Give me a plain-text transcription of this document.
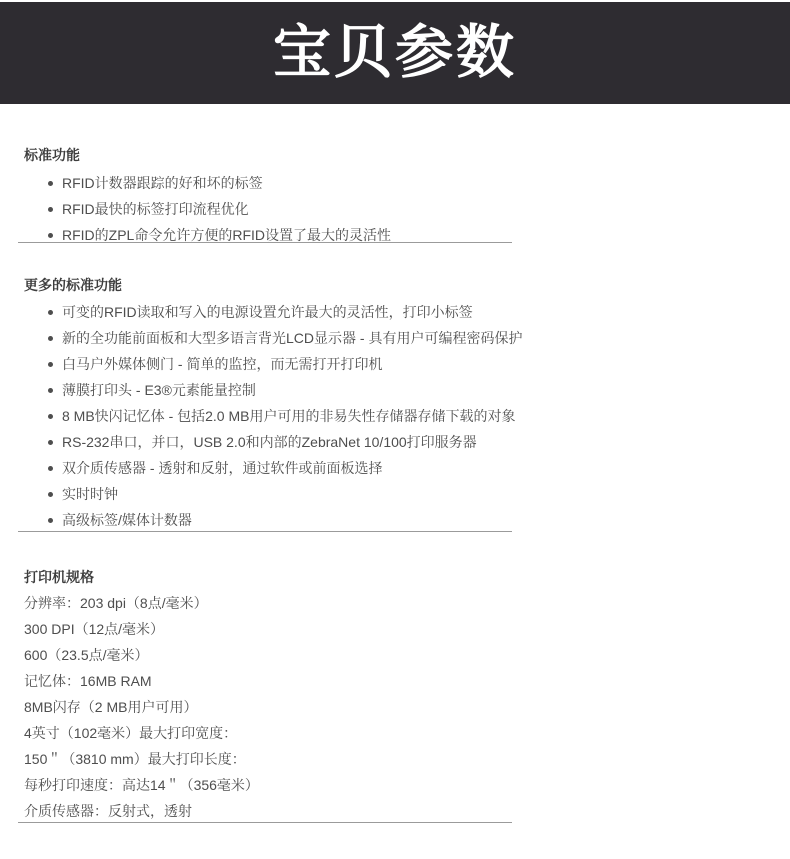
宝贝参数
标准功能
RFID计数器跟踪的好和坏的标签
RFID最快的标签打印流程优化
RFID的ZPL命令允许方便的RFID设置了最大的灵活性
更多的标准功能
可变的RFID读取和写入的电源设置允许最大的灵活性，打印小标签
新的全功能前面板和大型多语言背光LCD显示器 - 具有用户可编程密码保护
白马户外媒体侧门 - 简单的监控，而无需打开打印机
薄膜打印头 - E3®元素能量控制
8 MB快闪记忆体 - 包括2.0 MB用户可用的非易失性存储器存储下载的对象
RS-232串口，并口，USB 2.0和内部的ZebraNet 10/100打印服务器
双介质传感器 - 透射和反射，通过软件或前面板选择
实时时钟
高级标签/媒体计数器
打印机规格

分辨率：203 dpi（8点/毫米）

300 DPI（12点/毫米）

600（23.5点/毫米）

记忆体：16MB RAM

8MB闪存（2 MB用户可用）

4英寸（102毫米）最大打印宽度：

150＂（3810 mm）最大打印长度：

每秒打印速度：高达14＂（356毫米）

介质传感器：反射式，透射
